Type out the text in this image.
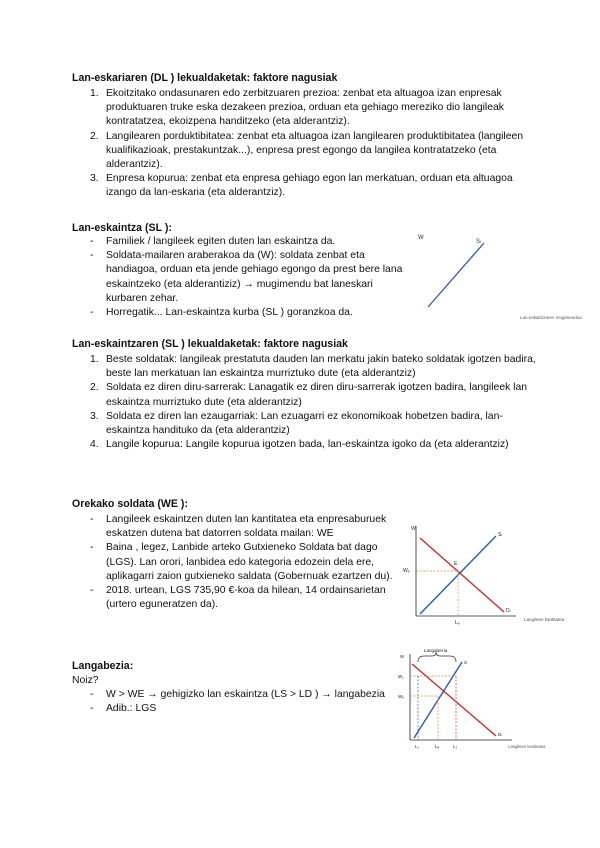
Lan-eskariaren (DL ) lekualdaketak: faktore nagusiak
1. Ekoitzitako ondasunaren edo zerbitzuaren prezioa: zenbat eta altuagoa izan enpresak produktuaren truke eska dezakeen prezioa, orduan eta gehiago mereziko dio langileak kontratatzea, ekoizpena handitzeko (eta alderantziz).
2. Langilearen porduktibitatea: zenbat eta altuagoa izan langilearen produktibitatea (langileen kualifikazioak, prestakuntzak...), enpresa prest egongo da langilea kontratatzeko (eta alderantziz).
3. Enpresa kopurua: zenbat eta enpresa gehiago egon lan merkatuan, orduan eta altuagoa izango da lan-eskaria (eta alderantziz).
Lan-eskaintza (SL ):
- Familiek / langileek egiten duten lan eskaintza da.
- Soldata-mailaren araberakoa da (W): soldata zenbat eta handiagoa, orduan eta jende gehiago egongo da prest bere lana eskaintzeko (eta alderantiziz) → mugimendu bat laneskari kurbaren zehar.
- Horregatik... Lan-eskaintza kurba (SL ) goranzkoa da.
W
Sₗ
Lan-eskaintzaren mugimendua
Lan-eskaintzaren (SL ) lekualdaketak: faktore nagusiak
1. Beste soldatak: langileak prestatuta dauden lan merkatu jakin bateko soldatak igotzen badira, beste lan merkatuan lan eskaintza murriztuko dute (eta alderantziz)
2. Soldata ez diren diru-sarrerak: Lanagatik ez diren diru-sarrerak igotzen badira, langileek lan eskaintza murriztuko dute (eta alderantziz)
3. Soldata ez diren lan ezaugarriak: Lan ezuagarri ez ekonomikoak hobetzen badira, lan-eskaintza handituko da (eta alderantziz)
4. Langile kopurua: Langile kopurua igotzen bada, lan-eskaintza igoko da (eta alderantziz)
Orekako soldata (WE ):
- Langileek eskaintzen duten lan kantitatea eta enpresaburuek eskatzen dutena bat datorren soldata mailan: WE
- Baina , legez, Lanbide arteko Gutxieneko Soldata bat dago (LGS). Lan orori, lanbidea edo kategoria edozein dela ere, aplikagarri zaion gutxieneko saldata (Gobernuak ezartzen du).
- 2018. urtean, LGS 735,90 €-koa da hilean, 14 ordainsarietan (urtero eguneratzen da).
W
Wₑ
E
Sₗ
Dₗ
Lₑ
Langileen kantitatea
Langabezia:
Noiz?
- W > WE → gehigizko lan eskaintza (LS > LD ) → langabezia
- Adib.: LGS
Langabezia
W
W₁
Wₑ
S
Dₗ
L₁	Lₑ	L₂	Langileen kantitatea
